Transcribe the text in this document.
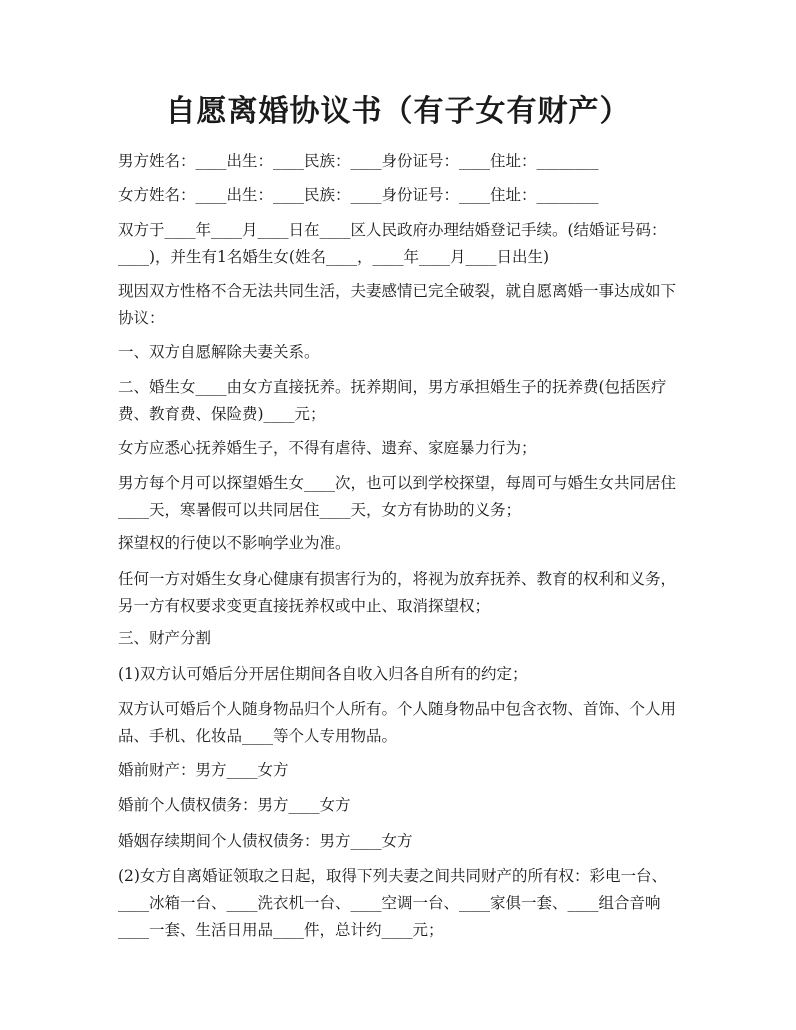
自愿离婚协议书（有子女有财产）

男方姓名：____出生：____民族：____身份证号：____住址：________

女方姓名：____出生：____民族：____身份证号：____住址：________

双方于____年____月____日在____区人民政府办理结婚登记手续。(结婚证号码：____)，并生有1名婚生女(姓名____，____年____月____日出生)

现因双方性格不合无法共同生活，夫妻感情已完全破裂，就自愿离婚一事达成如下协议：

一、双方自愿解除夫妻关系。

二、婚生女____由女方直接抚养。抚养期间，男方承担婚生子的抚养费(包括医疗费、教育费、保险费)____元；

女方应悉心抚养婚生子，不得有虐待、遗弃、家庭暴力行为；

男方每个月可以探望婚生女____次，也可以到学校探望，每周可与婚生女共同居住____天，寒暑假可以共同居住____天，女方有协助的义务；

探望权的行使以不影响学业为准。

任何一方对婚生女身心健康有损害行为的，将视为放弃抚养、教育的权利和义务，另一方有权要求变更直接抚养权或中止、取消探望权；

三、财产分割

(1)双方认可婚后分开居住期间各自收入归各自所有的约定；

双方认可婚后个人随身物品归个人所有。个人随身物品中包含衣物、首饰、个人用品、手机、化妆品____等个人专用物品。

婚前财产：男方____女方

婚前个人债权债务：男方____女方

婚姻存续期间个人债权债务：男方____女方

(2)女方自离婚证领取之日起，取得下列夫妻之间共同财产的所有权：彩电一台、____冰箱一台、____洗衣机一台、____空调一台、____家俱一套、____组合音响____一套、生活日用品____件，总计约____元；
